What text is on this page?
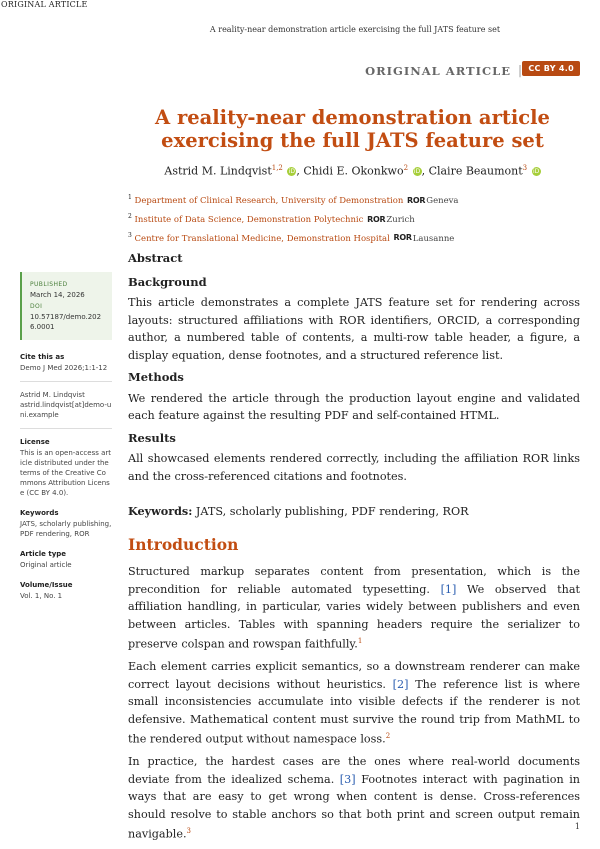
ORIGINAL ARTICLE
A reality-near demonstration article exercising the full JATS feature set
ORIGINAL ARTICLE | CC BY 4.0
A reality-near demonstration article exercising the full JATS feature set
Astrid M. Lindqvist$^{1,2}$ iD, Chidi E. Okonkwo$^2$ iD, Claire Beaumont$^3$ iD
$^1$ Department of Clinical Research, University of Demonstration RORGeneva
$^2$ Institute of Data Science, Demonstration Polytechnic RORZurich
$^3$ Centre for Translational Medicine, Demonstration Hospital RORLausanne
PUBLISHED
March 14, 2026
DOI
10.57187/demo.2026.0001
Cite this as
Demo J Med 2026;1:1-12
Astrid M. Lindqvist
astrid.lindqvist[at]demo-uni.example
License
This is an open-access article distributed under the terms of the Creative Commons Attribution License (CC BY 4.0).
Keywords
JATS, scholarly publishing, PDF rendering, ROR
Article type
Original article
Volume/Issue
Vol. 1, No. 1
Abstract
Background

This article demonstrates a complete JATS feature set for rendering across layouts: structured affiliations with ROR identifiers, ORCID, a corresponding author, a numbered table of contents, a multi-row table header, a figure, a display equation, dense footnotes, and a structured reference list.

Methods

We rendered the article through the production layout engine and validated each feature against the resulting PDF and self-contained HTML.

Results

All showcased elements rendered correctly, including the affiliation ROR links and the cross-referenced citations and footnotes.

Keywords: JATS, scholarly publishing, PDF rendering, ROR

Introduction

Structured markup separates content from presentation, which is the precondition for reliable automated typesetting. [1] We observed that affiliation handling, in particular, varies widely between publishers and even between articles. Tables with spanning headers require the serializer to preserve colspan and rowspan faithfully.$^1$

Each element carries explicit semantics, so a downstream renderer can make correct layout decisions without heuristics. [2] The reference list is where small inconsistencies accumulate into visible defects if the renderer is not defensive. Mathematical content must survive the round trip from MathML to the rendered output without namespace loss.$^2$

In practice, the hardest cases are the ones where real-world documents deviate from the idealized schema. [3] Footnotes interact with pagination in ways that are easy to get wrong when content is dense. Cross-references should resolve to stable anchors so that both print and screen output remain navigable.$^3$

1
